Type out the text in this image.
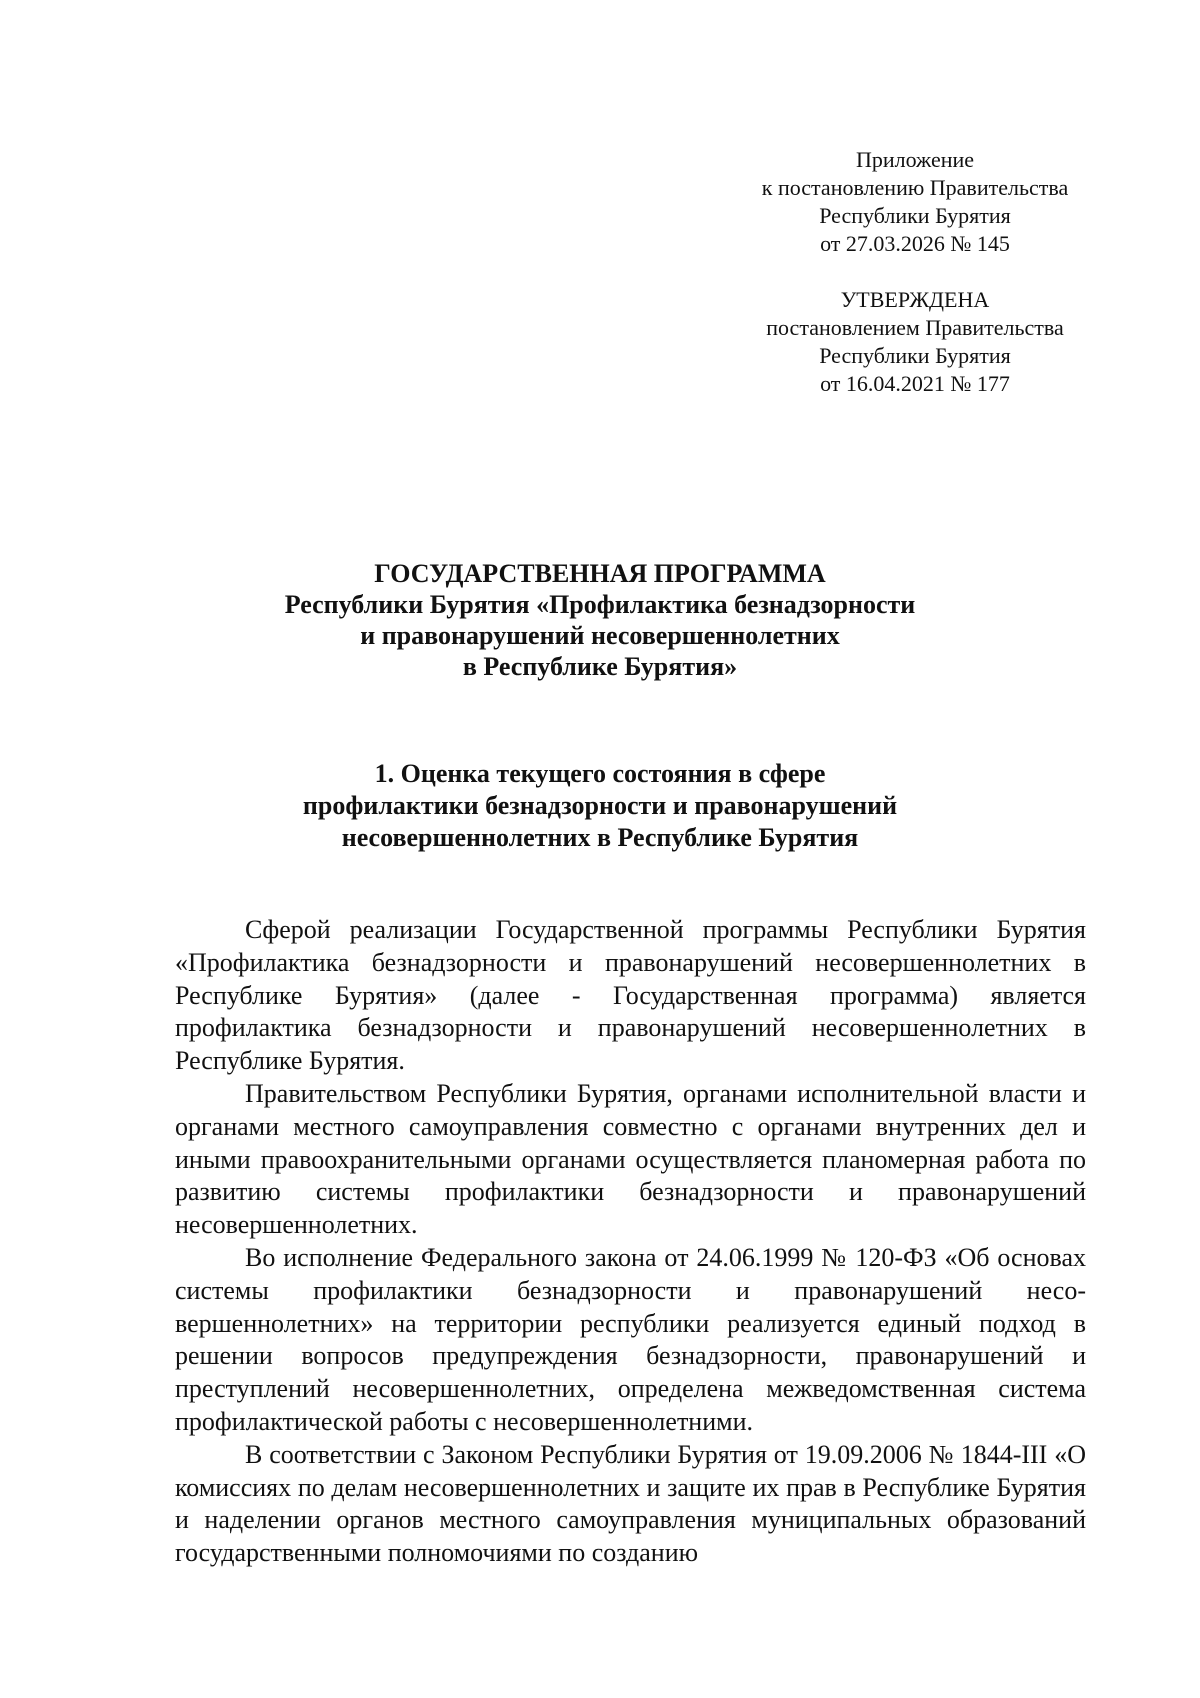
Приложение
к постановлению Правительства
Республики Бурятия
от 27.03.2026 № 145
УТВЕРЖДЕНА
постановлением Правительства
Республики Бурятия
от 16.04.2021 № 177
ГОСУДАРСТВЕННАЯ ПРОГРАММА
Республики Бурятия «Профилактика безнадзорности
и правонарушений несовершеннолетних
в Республике Бурятия»
1. Оценка текущего состояния в сфере
профилактики безнадзорности и правонарушений
несовершеннолетних в Республике Бурятия

Сферой реализации Государственной программы Республики Бурятия «Профилактика безнадзорности и правонарушений несовершеннолетних в Республике Бурятия» (далее - Государственная программа) является профилактика безнадзорности и правонарушений несовершеннолетних в Республике Бурятия.

Правительством Республики Бурятия, органами исполнительной власти и органами местного самоуправления совместно с органами внутренних дел и иными правоохранительными органами осуществляется планомерная работа по развитию системы профилактики безнадзорности и правонарушений несовершеннолетних.

Во исполнение Федерального закона от 24.06.1999 № 120-ФЗ «Об основах системы профилактики безнадзорности и правонарушений несовершеннолетних» на территории республики реализуется единый подход в решении вопросов предупреждения безнадзорности, правонарушений и преступлений несовершеннолетних, определена межведомственная система профилактической работы с несовершеннолетними.

В соответствии с Законом Республики Бурятия от 19.09.2006 № 1844-III «О комиссиях по делам несовершеннолетних и защите их прав в Республике Бурятия и наделении органов местного самоуправления муниципальных образований государственными полномочиями по созданию
